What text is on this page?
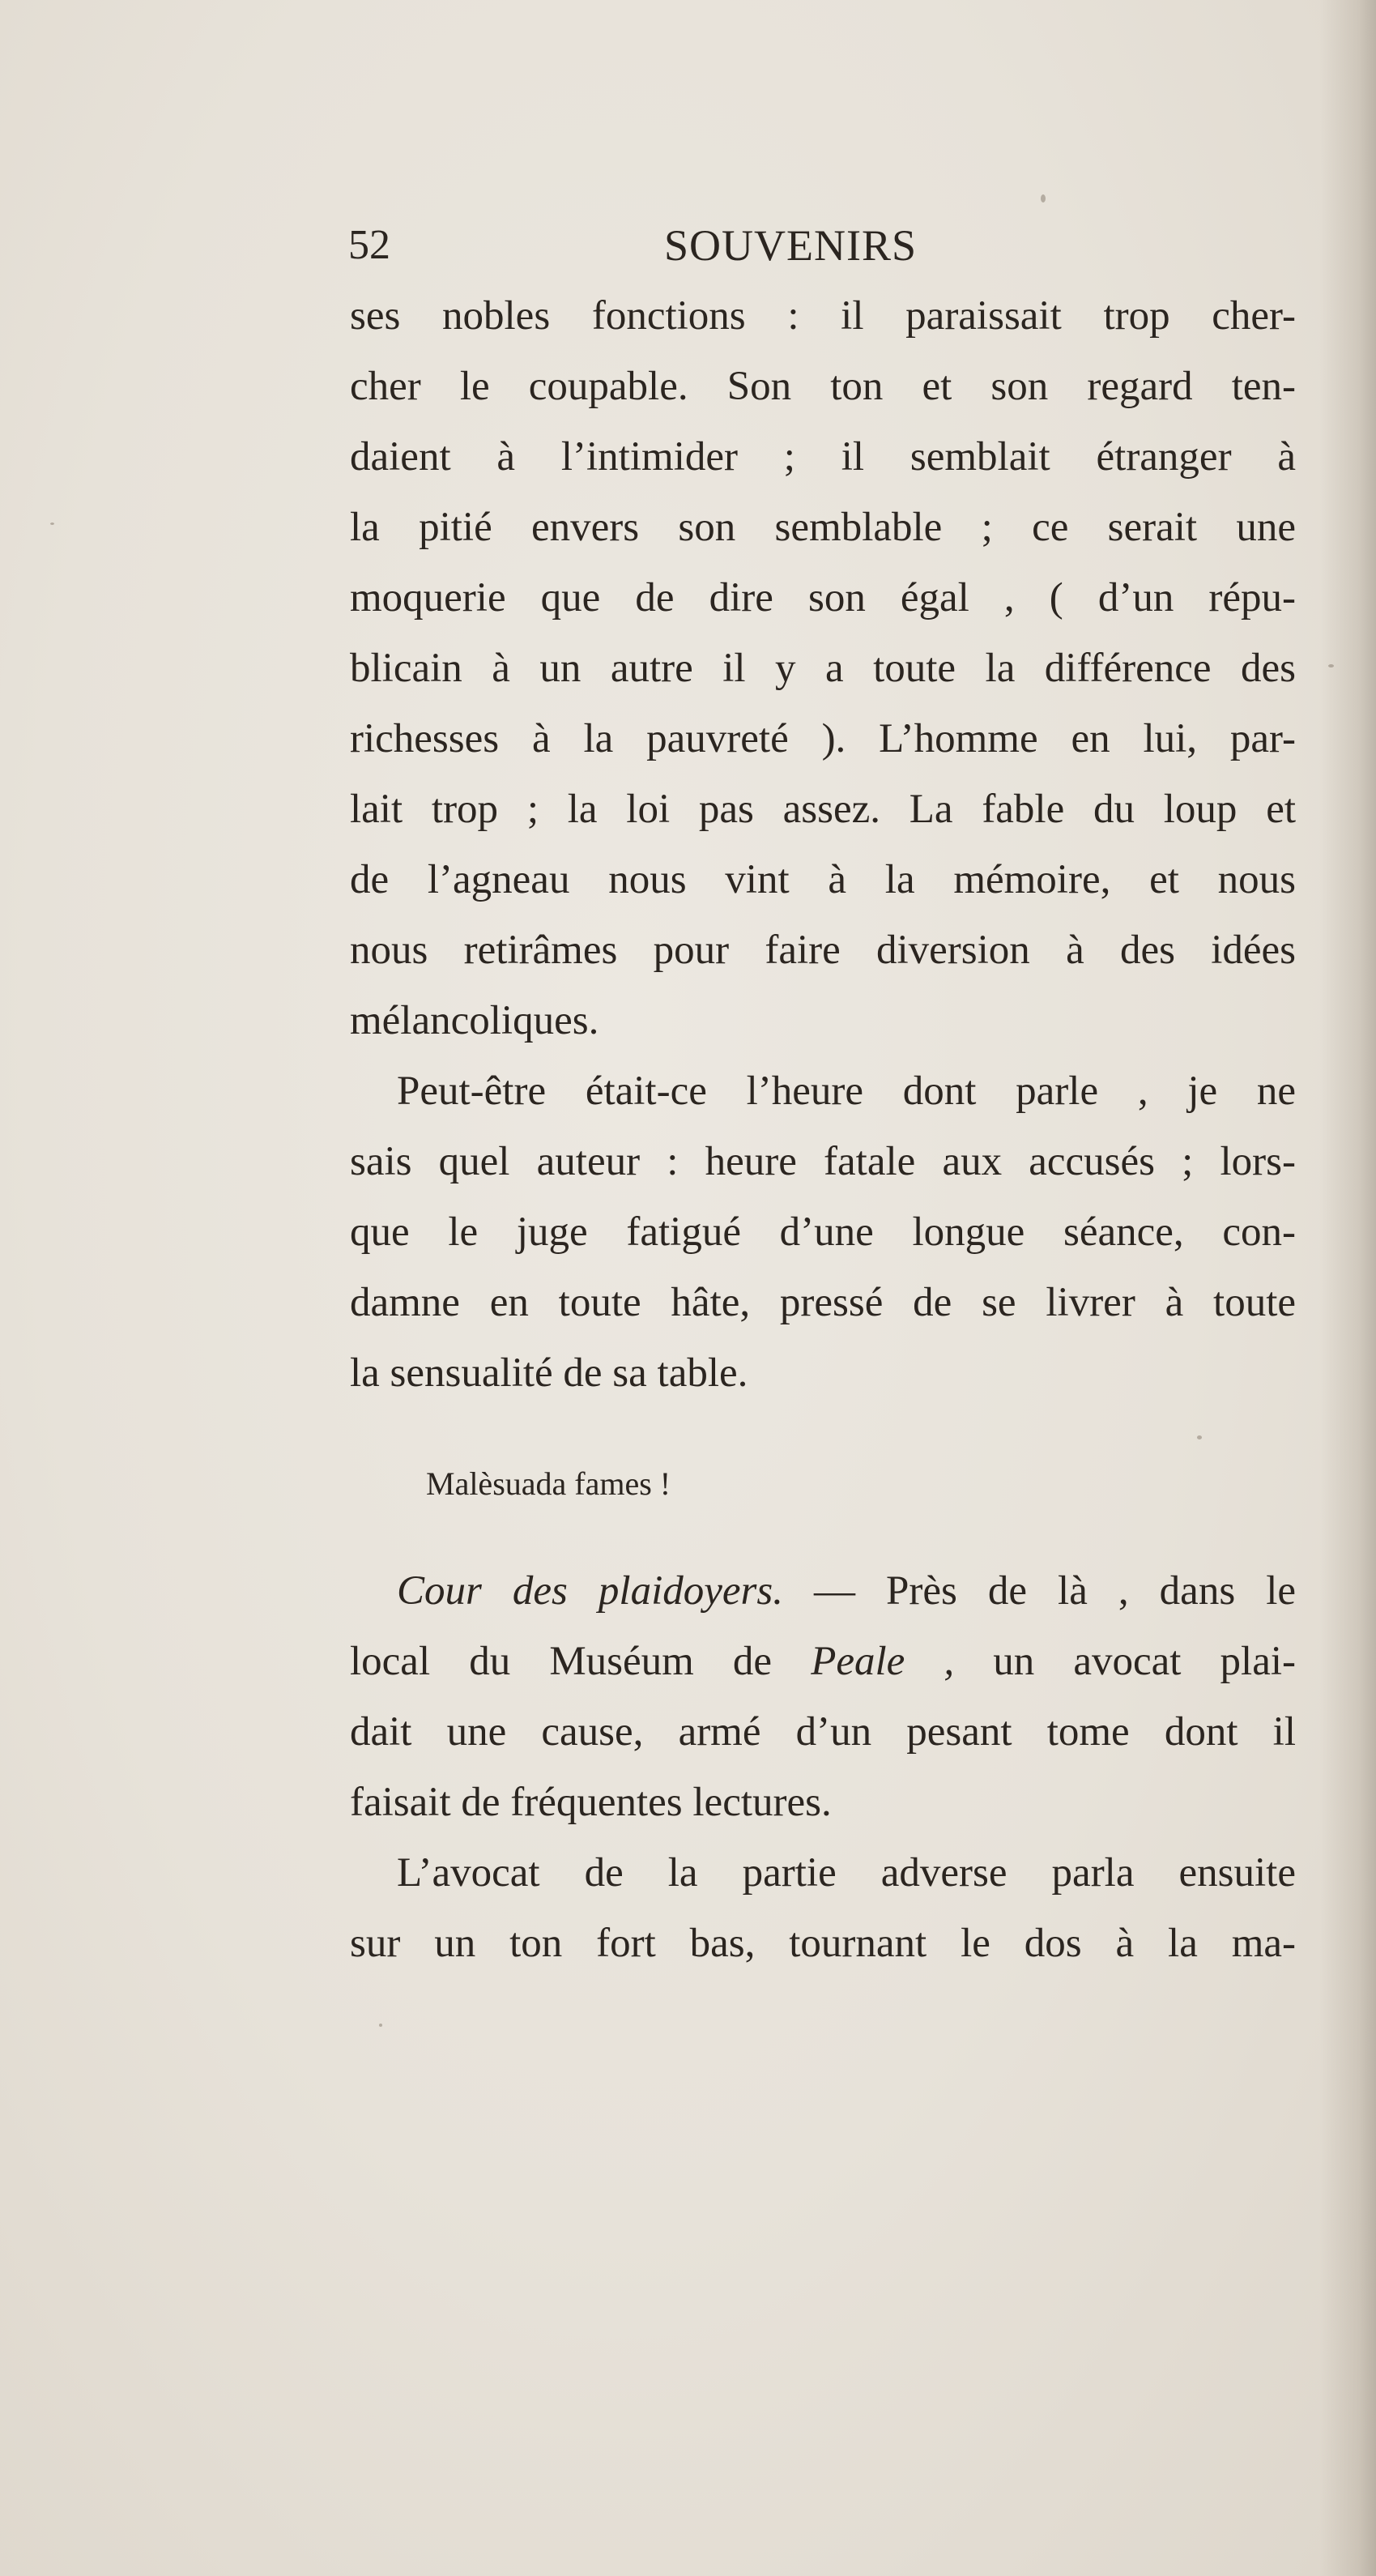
52	SOUVENIRS
ses nobles fonctions : il paraissait trop cher-
cher le coupable. Son ton et son regard ten-
daient à l’intimider ; il semblait étranger à
la pitié envers son semblable ; ce serait une
moquerie que de dire son égal , ( d’un répu-
blicain à un autre il y a toute la différence des
richesses à la pauvreté ). L’homme en lui, par-
lait trop ; la loi pas assez. La fable du loup et
de l’agneau nous vint à la mémoire, et nous
nous retirâmes pour faire diversion à des idées
mélancoliques.
Peut-être était-ce l’heure dont parle , je ne
sais quel auteur : heure fatale aux accusés ; lors-
que le juge fatigué d’une longue séance, con-
damne en toute hâte, pressé de se livrer à toute
la sensualité de sa table.
Malèsuada fames !
Cour des plaidoyers. — Près de là , dans le
local du Muséum de Peale , un avocat plai-
dait une cause, armé d’un pesant tome dont il
faisait de fréquentes lectures.
L’avocat de la partie adverse parla ensuite
sur un ton fort bas, tournant le dos à la ma-
